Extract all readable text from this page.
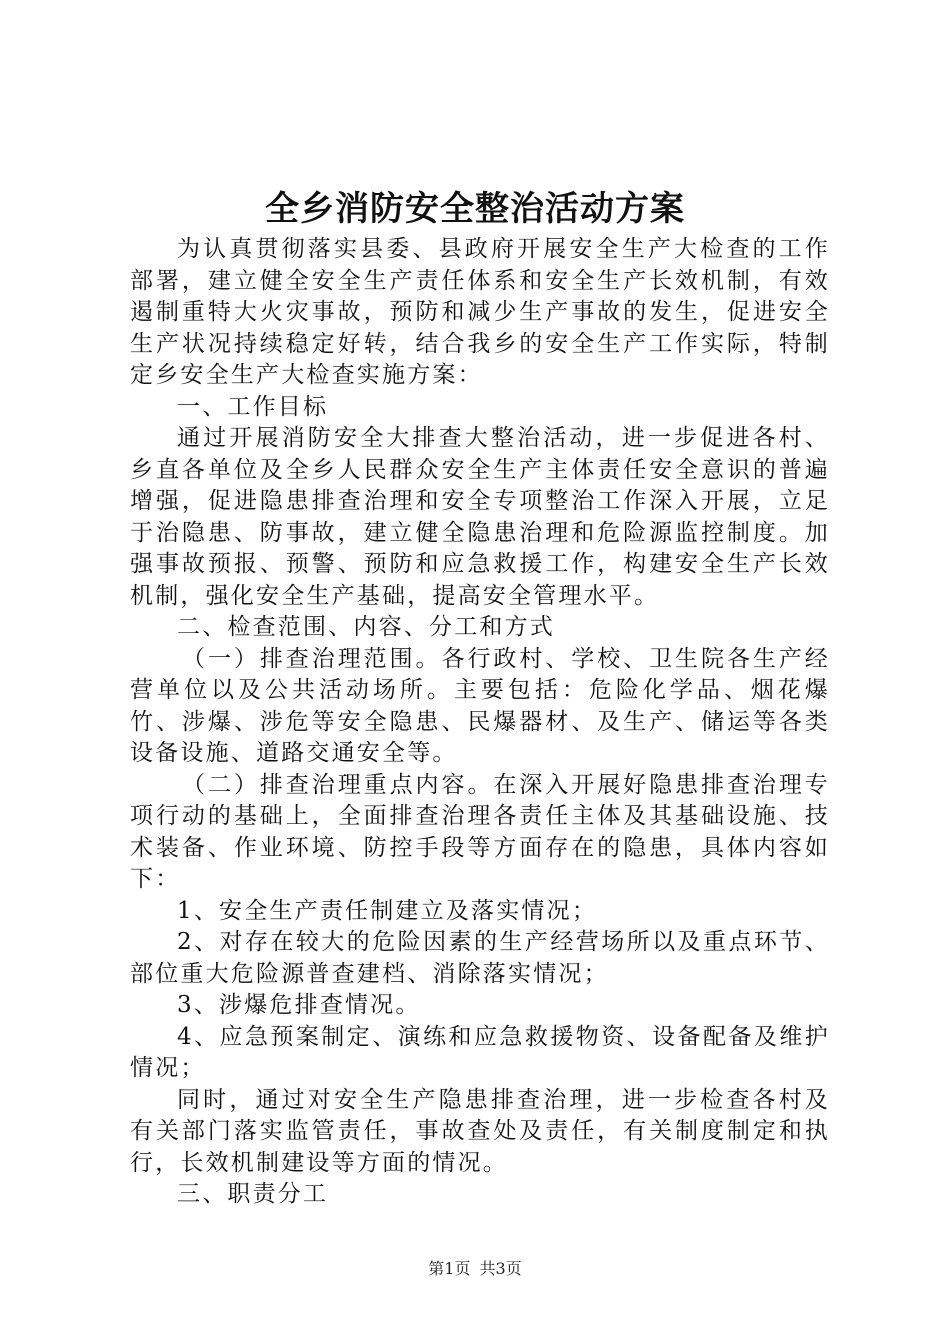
全乡消防安全整治活动方案

为认真贯彻落实县委、县政府开展安全生产大检查的工作部署，建立健全安全生产责任体系和安全生产长效机制，有效遏制重特大火灾事故，预防和减少生产事故的发生，促进安全生产状况持续稳定好转，结合我乡的安全生产工作实际，特制定乡安全生产大检查实施方案：

一、工作目标

通过开展消防安全大排查大整治活动，进一步促进各村、乡直各单位及全乡人民群众安全生产主体责任安全意识的普遍增强，促进隐患排查治理和安全专项整治工作深入开展，立足于治隐患、防事故，建立健全隐患治理和危险源监控制度。加强事故预报、预警、预防和应急救援工作，构建安全生产长效机制，强化安全生产基础，提高安全管理水平。

二、检查范围、内容、分工和方式

（一）排查治理范围。各行政村、学校、卫生院各生产经营单位以及公共活动场所。主要包括：危险化学品、烟花爆竹、涉爆、涉危等安全隐患、民爆器材、及生产、储运等各类设备设施、道路交通安全等。

（二）排查治理重点内容。在深入开展好隐患排查治理专项行动的基础上，全面排查治理各责任主体及其基础设施、技术装备、作业环境、防控手段等方面存在的隐患，具体内容如下：

1、安全生产责任制建立及落实情况；

2、对存在较大的危险因素的生产经营场所以及重点环节、部位重大危险源普查建档、消除落实情况；

3、涉爆危排查情况。

4、应急预案制定、演练和应急救援物资、设备配备及维护情况；

同时，通过对安全生产隐患排查治理，进一步检查各村及有关部门落实监管责任，事故查处及责任，有关制度制定和执行，长效机制建设等方面的情况。

三、职责分工

第1页 共3页
